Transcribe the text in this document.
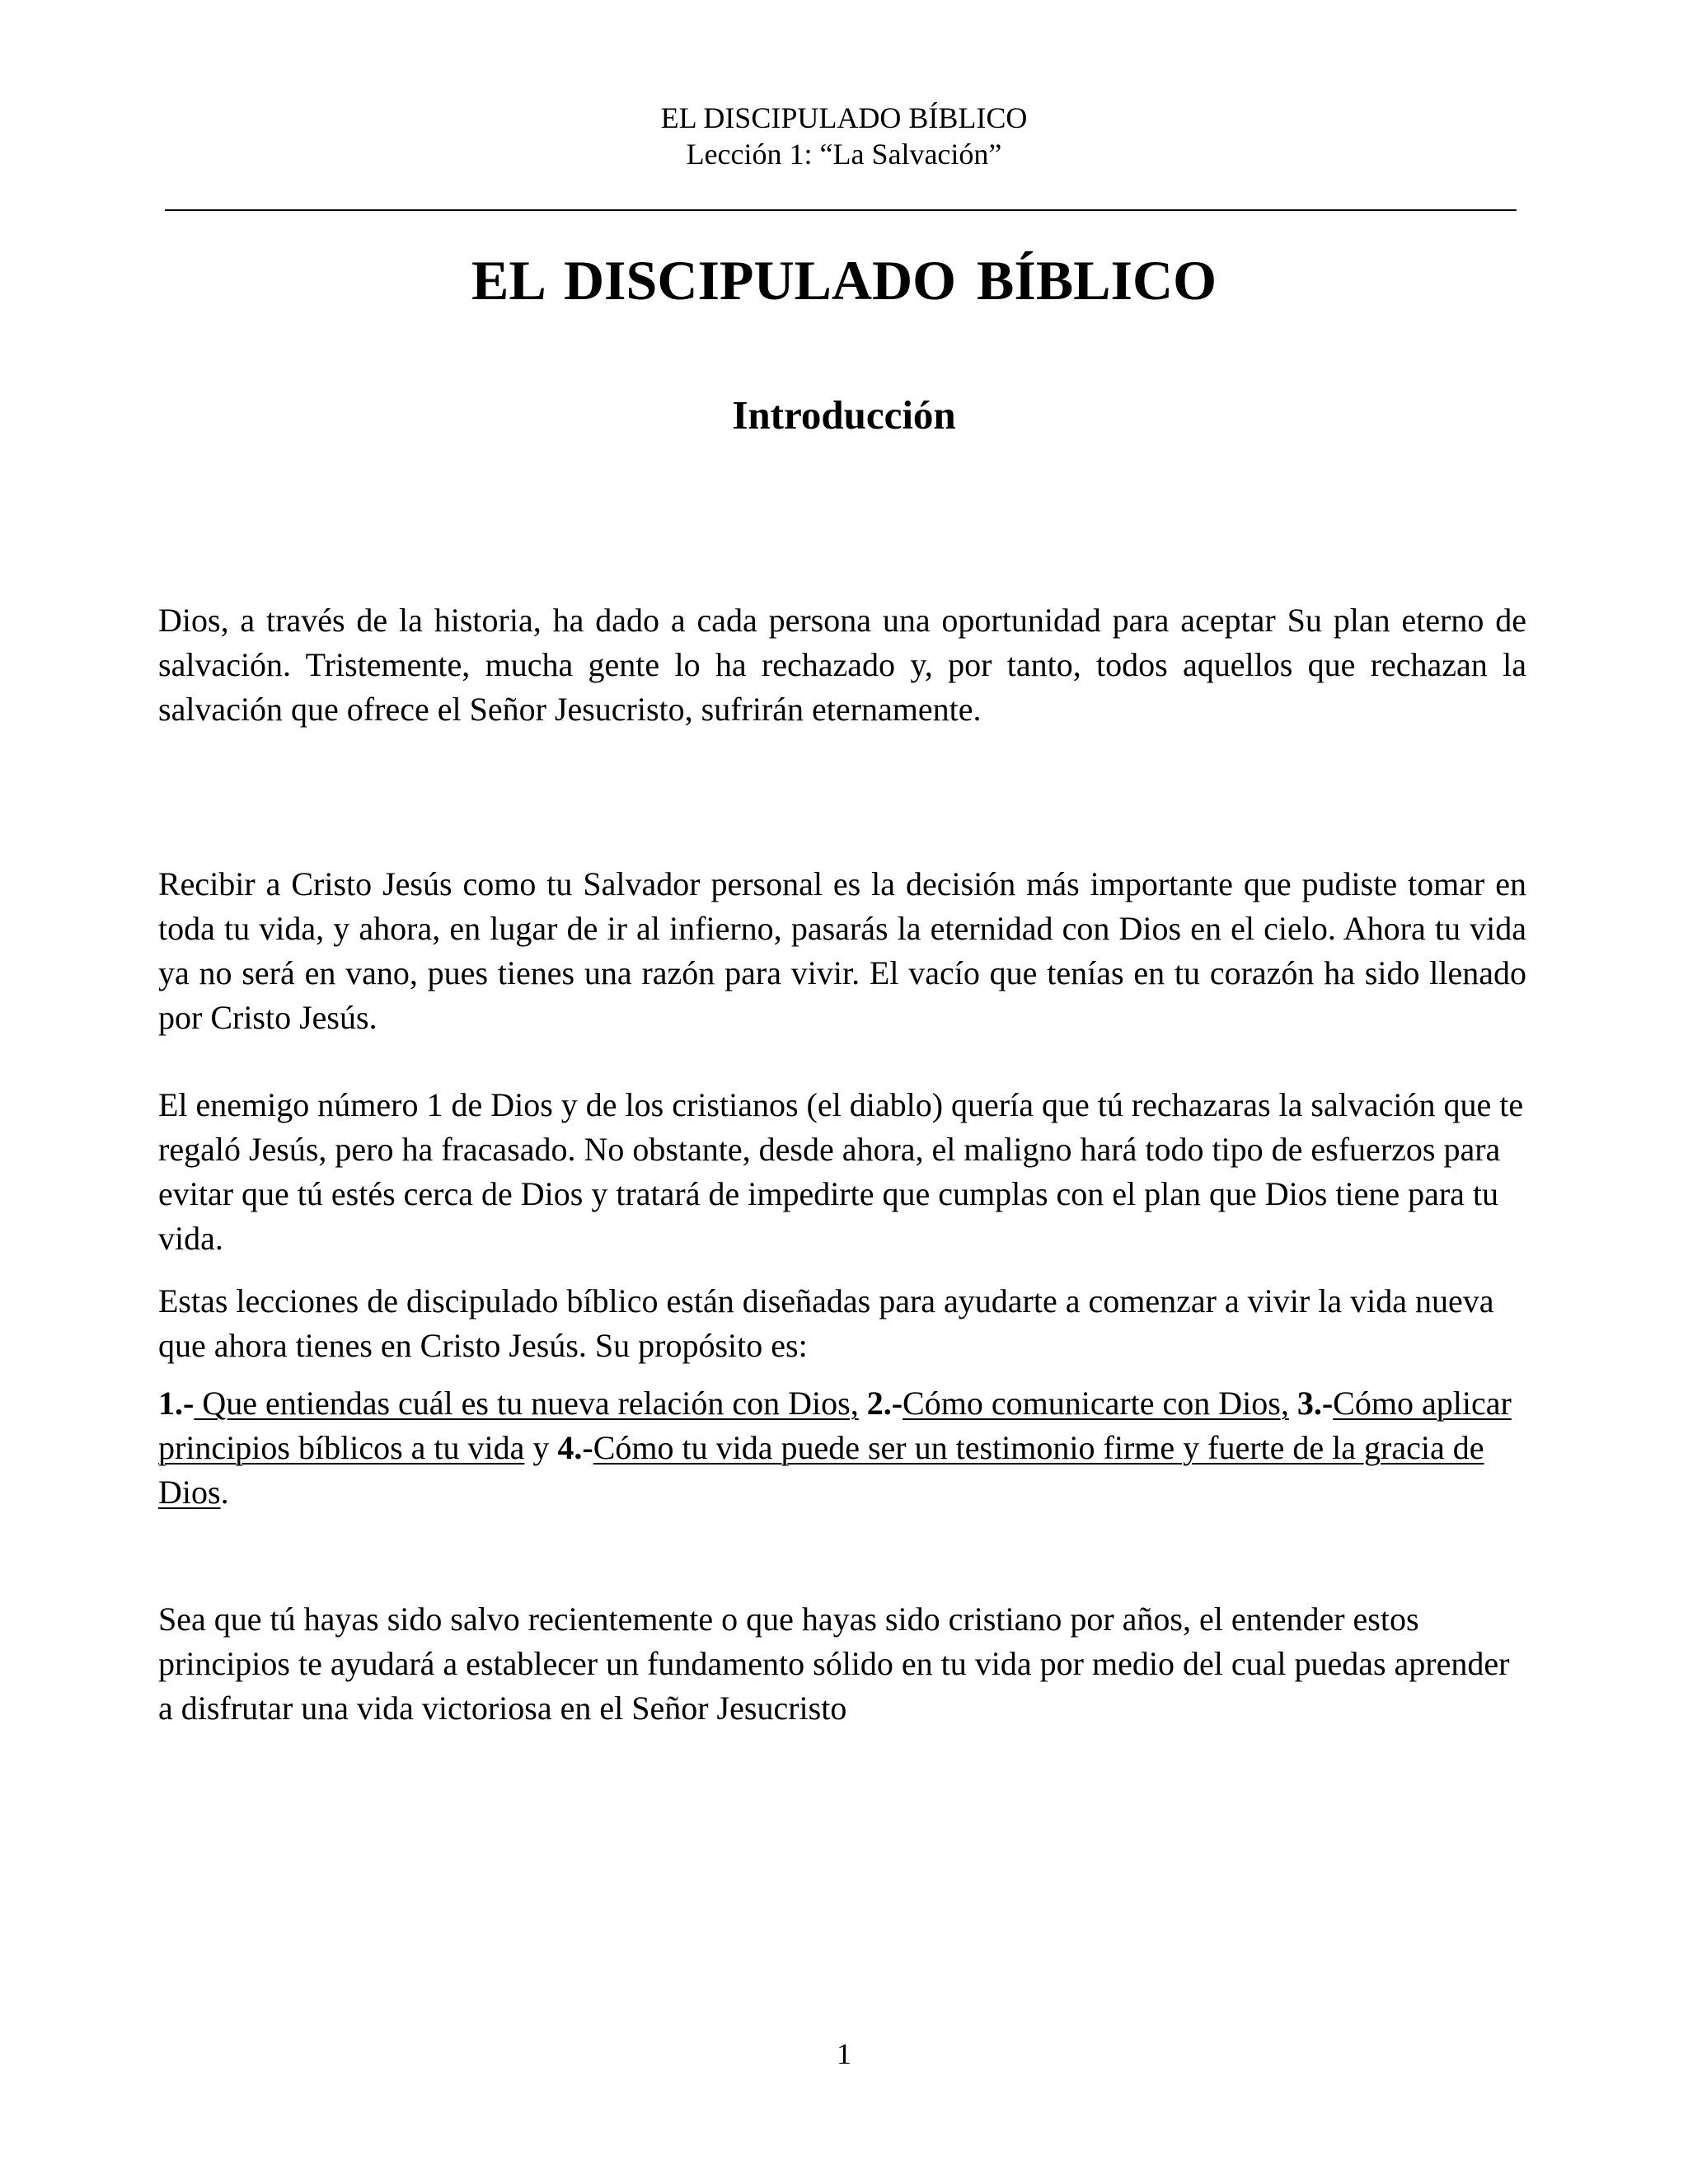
EL DISCIPULADO BÍBLICO
Lección 1: “La Salvación”
EL DISCIPULADO BÍBLICO
Introducción

Dios, a través de la historia, ha dado a cada persona una oportunidad para aceptar Su plan eterno de salvación. Tristemente, mucha gente lo ha rechazado y, por tanto, todos aquellos que rechazan la salvación que ofrece el Señor Jesucristo, sufrirán eternamente.

Recibir a Cristo Jesús como tu Salvador personal es la decisión más importante que pudiste tomar en toda tu vida, y ahora, en lugar de ir al infierno, pasarás la eternidad con Dios en el cielo. Ahora tu vida ya no será en vano, pues tienes una razón para vivir. El vacío que tenías en tu corazón ha sido llenado por Cristo Jesús.

El enemigo número 1 de Dios y de los cristianos (el diablo) quería que tú rechazaras la salvación que te regaló Jesús, pero ha fracasado. No obstante, desde ahora, el maligno hará todo tipo de esfuerzos para evitar que tú estés cerca de Dios y tratará de impedirte que cumplas con el plan que Dios tiene para tu vida.

Estas lecciones de discipulado bíblico están diseñadas para ayudarte a comenzar a vivir la vida nueva que ahora tienes en Cristo Jesús. Su propósito es:

1.- Que entiendas cuál es tu nueva relación con Dios, 2.-Cómo comunicarte con Dios, 3.-Cómo aplicar principios bíblicos a tu vida y 4.-Cómo tu vida puede ser un testimonio firme y fuerte de la gracia de Dios.

Sea que tú hayas sido salvo recientemente o que hayas sido cristiano por años, el entender estos principios te ayudará a establecer un fundamento sólido en tu vida por medio del cual puedas aprender a disfrutar una vida victoriosa en el Señor Jesucristo

1
